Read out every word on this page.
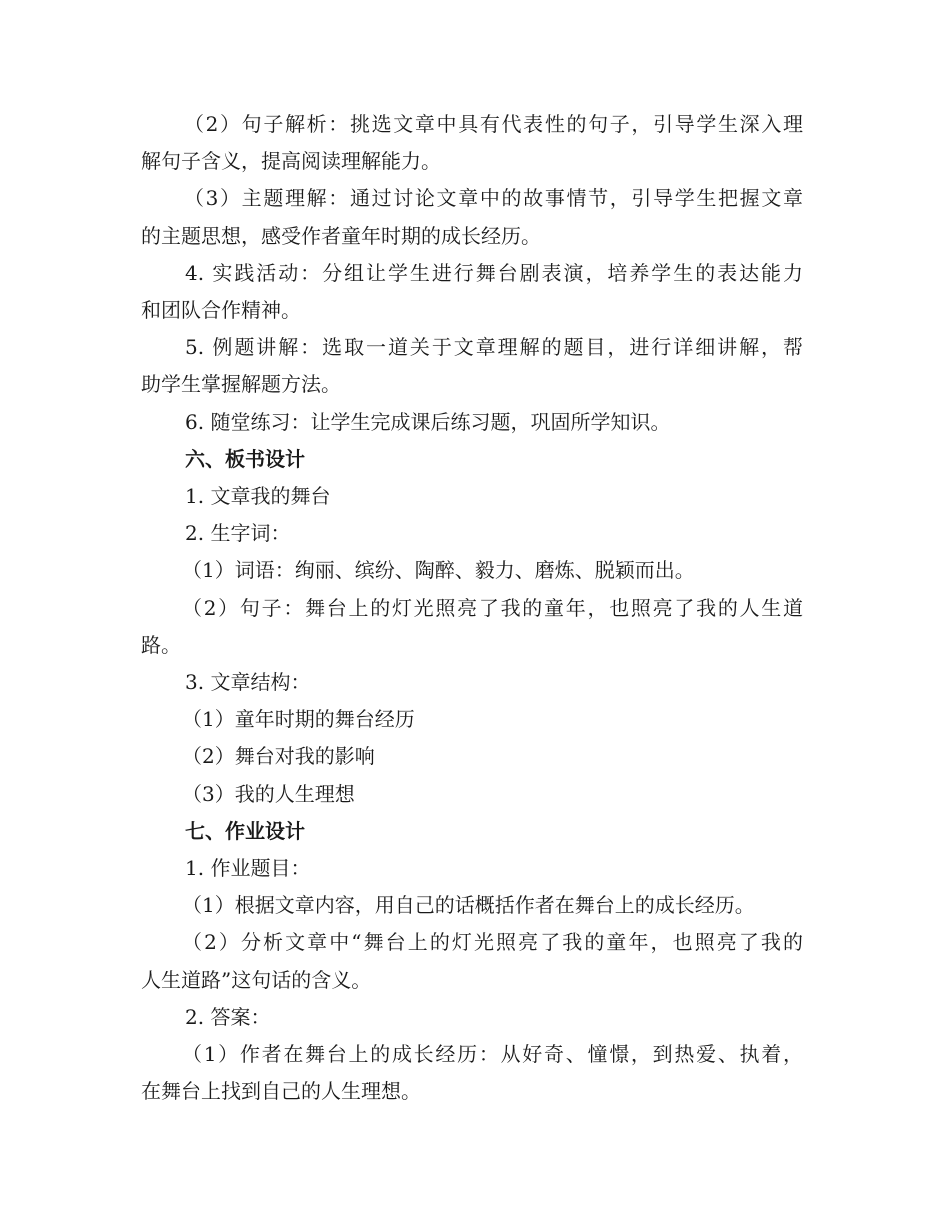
（2）句子解析：挑选文章中具有代表性的句子，引导学生深入理
解句子含义，提高阅读理解能力。
（3）主题理解：通过讨论文章中的故事情节，引导学生把握文章
的主题思想，感受作者童年时期的成长经历。
4. 实践活动：分组让学生进行舞台剧表演，培养学生的表达能力
和团队合作精神。
5. 例题讲解：选取一道关于文章理解的题目，进行详细讲解，帮
助学生掌握解题方法。
6. 随堂练习：让学生完成课后练习题，巩固所学知识。
六、板书设计
1. 文章我的舞台
2. 生字词：
（1）词语：绚丽、缤纷、陶醉、毅力、磨炼、脱颖而出。
（2）句子：舞台上的灯光照亮了我的童年，也照亮了我的人生道
路。
3. 文章结构：
（1）童年时期的舞台经历
（2）舞台对我的影响
（3）我的人生理想
七、作业设计
1. 作业题目：
（1）根据文章内容，用自己的话概括作者在舞台上的成长经历。
（2）分析文章中“舞台上的灯光照亮了我的童年，也照亮了我的
人生道路”这句话的含义。
2. 答案：
（1）作者在舞台上的成长经历：从好奇、憧憬，到热爱、执着，
在舞台上找到自己的人生理想。
